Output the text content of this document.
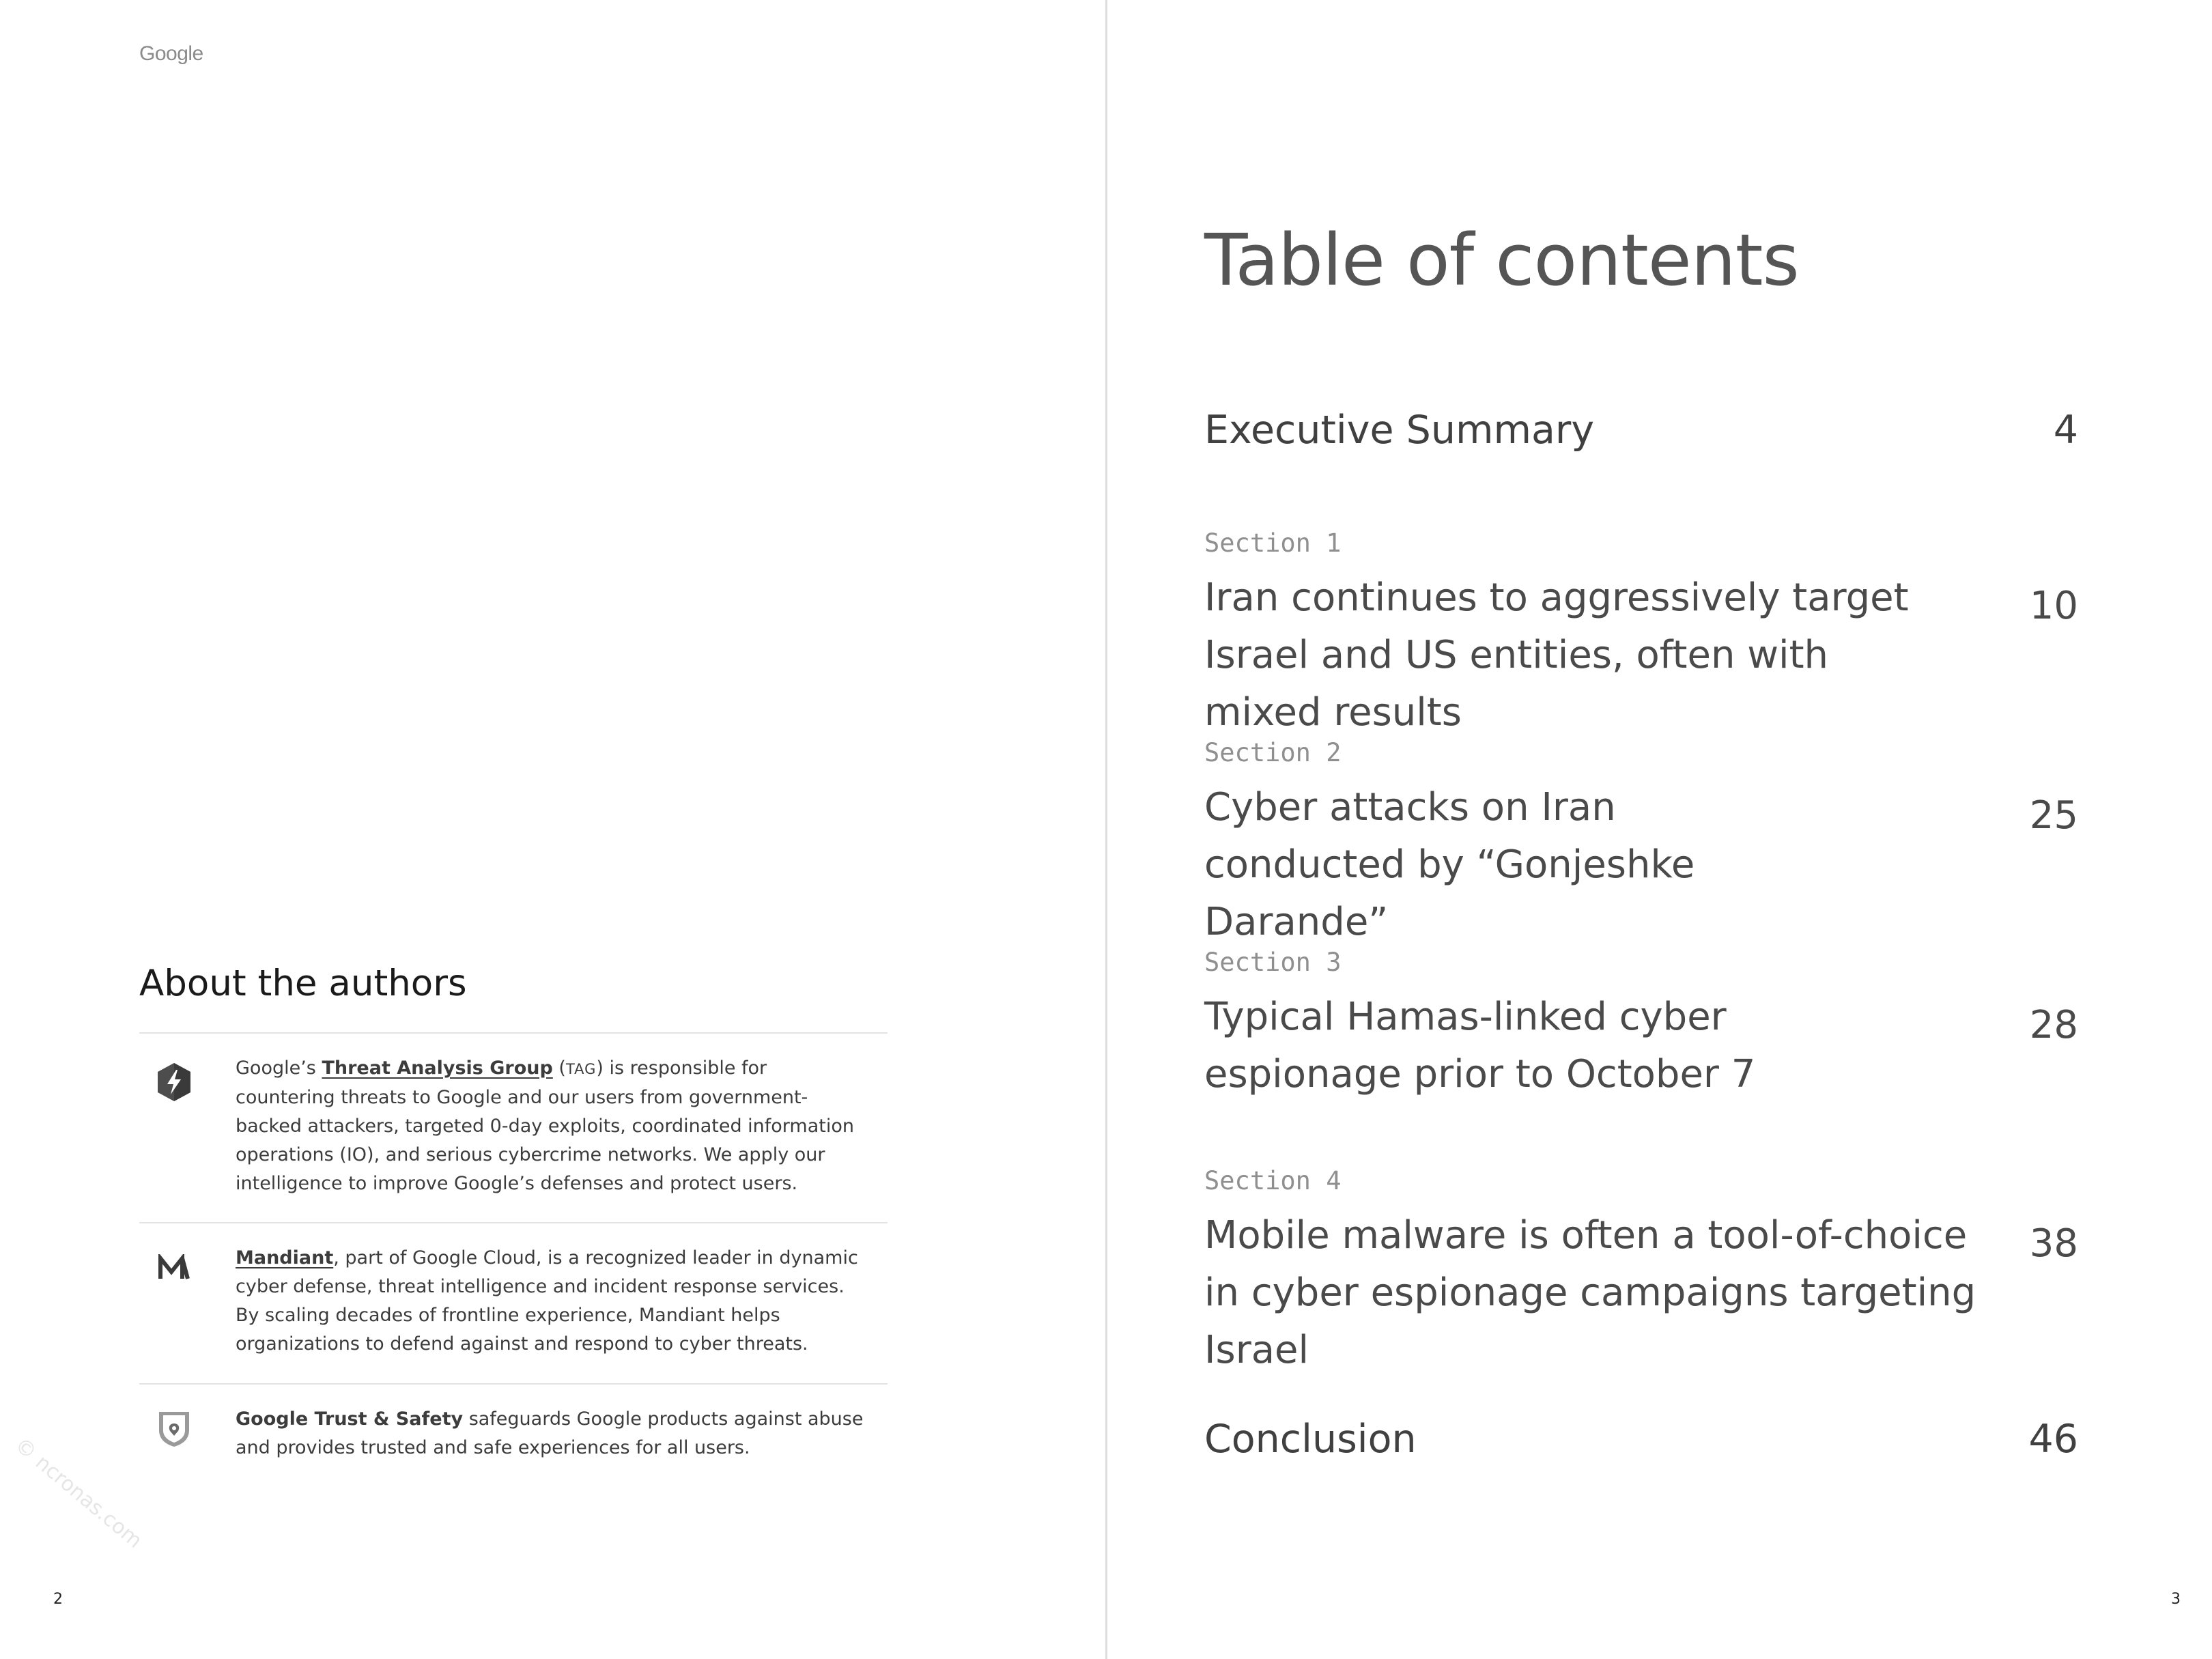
Google
About the authors
Google’s Threat Analysis Group (TAG) is responsible for countering threats to Google and our users from government-backed attackers, targeted 0-day exploits, coordinated information operations (IO), and serious cybercrime networks. We apply our intelligence to improve Google’s defenses and protect users.
Mandiant, part of Google Cloud, is a recognized leader in dynamic cyber defense, threat intelligence and incident response services. By scaling decades of frontline experience, Mandiant helps organizations to defend against and respond to cyber threats.
Google Trust & Safety safeguards Google products against abuse and provides trusted and safe experiences for all users.
© ncronas.com
2
Table of contents
4
Executive Summary
Section 1
10
Iran continues to aggressively target Israel and US entities, often with mixed results
Section 2
25
Cyber attacks on Iran conducted by “Gonjeshke Darande”
Section 3
28
Typical Hamas-linked cyber espionage prior to October 7
Section 4
38
Mobile malware is often a tool-of-choice in cyber espionage campaigns targeting Israel
46
Conclusion
3
